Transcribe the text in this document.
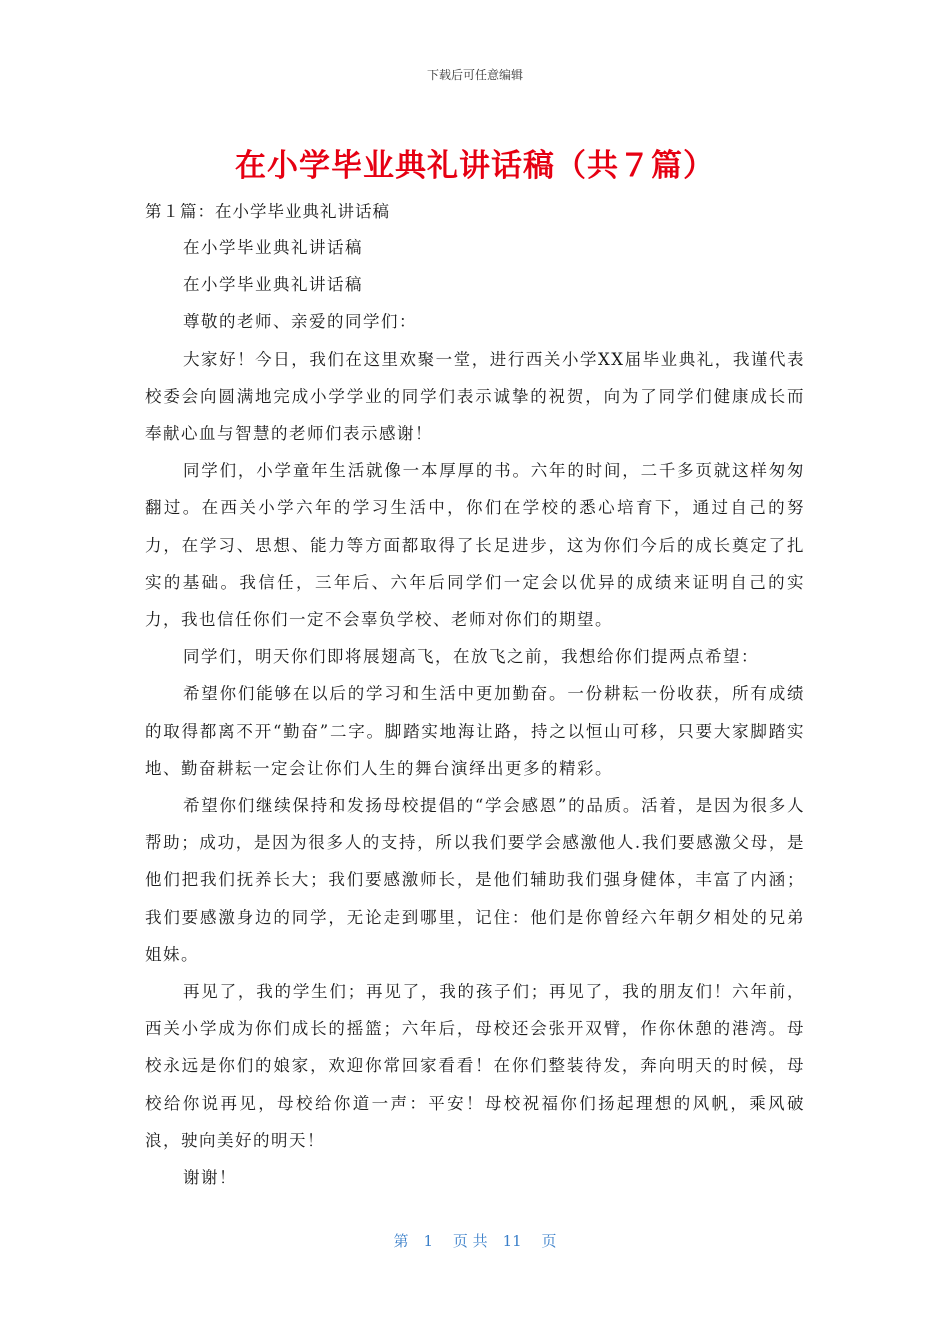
下载后可任意编辑
在小学毕业典礼讲话稿（共７篇）
第１篇：在小学毕业典礼讲话稿

在小学毕业典礼讲话稿

在小学毕业典礼讲话稿

尊敬的老师、亲爱的同学们：

大家好！今日，我们在这里欢聚一堂，进行西关小学XX届毕业典礼，我谨代表校委会向圆满地完成小学学业的同学们表示诚挚的祝贺，向为了同学们健康成长而奉献心血与智慧的老师们表示感谢！

同学们，小学童年生活就像一本厚厚的书。六年的时间，二千多页就这样匆匆翻过。在西关小学六年的学习生活中，你们在学校的悉心培育下，通过自己的努力，在学习、思想、能力等方面都取得了长足进步，这为你们今后的成长奠定了扎实的基础。我信任，三年后、六年后同学们一定会以优异的成绩来证明自己的实力，我也信任你们一定不会辜负学校、老师对你们的期望。

同学们，明天你们即将展翅高飞，在放飞之前，我想给你们提两点希望：

希望你们能够在以后的学习和生活中更加勤奋。一份耕耘一份收获，所有成绩的取得都离不开“勤奋”二字。脚踏实地海让路，持之以恒山可移，只要大家脚踏实地、勤奋耕耘一定会让你们人生的舞台演绎出更多的精彩。

希望你们继续保持和发扬母校提倡的“学会感恩”的品质。活着，是因为很多人帮助；成功，是因为很多人的支持，所以我们要学会感激他人.我们要感激父母，是他们把我们抚养长大；我们要感激师长，是他们辅助我们强身健体，丰富了内涵；我们要感激身边的同学，无论走到哪里，记住：他们是你曾经六年朝夕相处的兄弟姐妹。

再见了，我的学生们；再见了，我的孩子们；再见了，我的朋友们！六年前，西关小学成为你们成长的摇篮；六年后，母校还会张开双臂，作你休憩的港湾。母校永远是你们的娘家，欢迎你常回家看看！在你们整装待发，奔向明天的时候，母校给你说再见，母校给你道一声：平安！母校祝福你们扬起理想的风帆，乘风破浪，驶向美好的明天！

谢谢！

第　1　 页 共　11　 页
